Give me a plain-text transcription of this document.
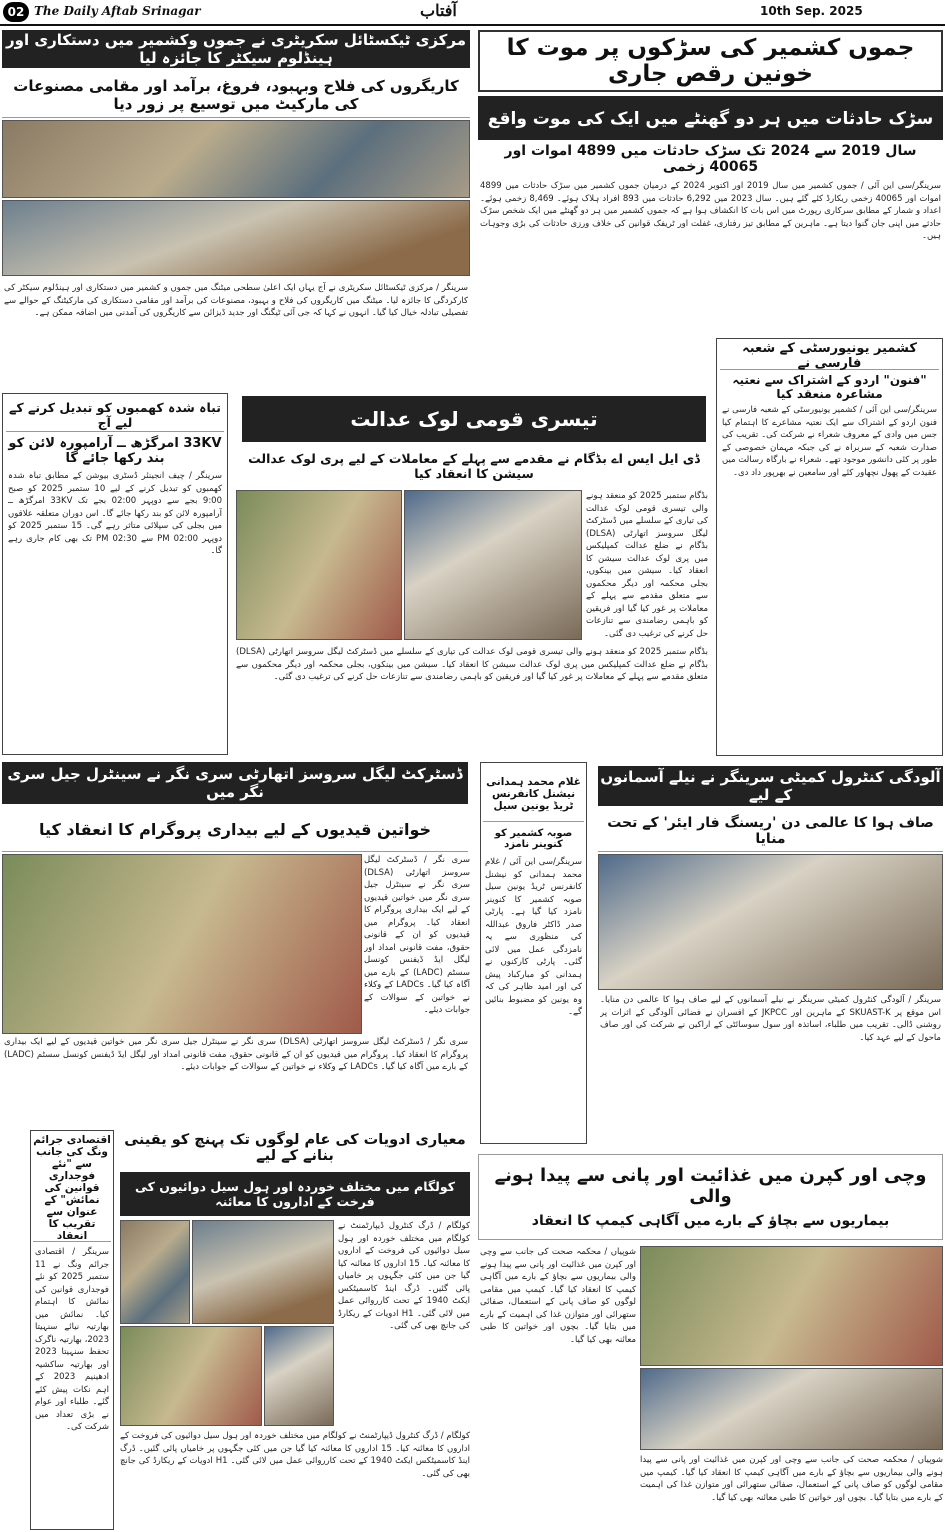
02 The Daily Aftab Srinagar	آفتاب	10th Sep. 2025
مرکزی ٹیکسٹائل سکریٹری نے جموں وکشمیر میں دستکاری اور ہینڈلوم سیکٹر کا جائزہ لیا
کاریگروں کی فلاح وبہبود، فروغ، برآمد اور مقامی مصنوعات کی مارکیٹ میں توسیع پر زور دیا
سرینگر / مرکزی ٹیکسٹائل سکریٹری نے آج یہاں ایک اعلیٰ سطحی میٹنگ میں جموں و کشمیر میں دستکاری اور ہینڈلوم سیکٹر کی کارکردگی کا جائزہ لیا۔ میٹنگ میں کاریگروں کی فلاح و بہبود، مصنوعات کی برآمد اور مقامی دستکاری کی مارکیٹنگ کے حوالے سے تفصیلی تبادلہ خیال کیا گیا۔ انہوں نے کہا کہ جی آئی ٹیگنگ اور جدید ڈیزائن سے کاریگروں کی آمدنی میں اضافہ ممکن ہے۔
جموں کشمیر کی سڑکوں پر موت کا خونین رقص جاری
سڑک حادثات میں ہر دو گھنٹے میں ایک کی موت واقع
سال 2019 سے 2024 تک سڑک حادثات میں 4899 اموات اور 40065 زخمی
سرینگر/سی این آئی / جموں کشمیر میں سال 2019 اور اکتوبر 2024 کے درمیان جموں کشمیر میں سڑک حادثات میں 4899 اموات اور 40065 زخمی ریکارڈ کئے گئے ہیں۔ سال 2023 میں 6,292 حادثات میں 893 افراد ہلاک ہوئے۔ 8,469 زخمی ہوئے۔ اعداد و شمار کے مطابق سرکاری رپورٹ میں اس بات کا انکشاف ہوا ہے کہ جموں کشمیر میں ہر دو گھنٹے میں ایک شخص سڑک حادثے میں اپنی جان گنوا دیتا ہے۔ ماہرین کے مطابق تیز رفتاری، غفلت اور ٹریفک قوانین کی خلاف ورزی حادثات کی بڑی وجوہات ہیں۔
تباہ شدہ کھمبوں کو تبدیل کرنے کے لیے آج
33KV امرگڑھ ــ آرامپورہ لائن کو بند رکھا جائے گا
سرینگر / چیف انجینئر ڈسٹری بیوشن کے مطابق تباہ شدہ کھمبوں کو تبدیل کرنے کے لیے 10 ستمبر 2025 کو صبح 9:00 بجے سے دوپہر 02:00 بجے تک 33KV امرگڑھ ــ آرامپورہ لائن کو بند رکھا جائے گا۔ اس دوران متعلقہ علاقوں میں بجلی کی سپلائی متاثر رہے گی۔ 15 ستمبر 2025 کو دوپہر 02:00 PM سے 02:30 PM تک بھی کام جاری رہے گا۔
تیسری قومی لوک عدالت
ڈی ایل ایس اے بڈگام نے مقدمے سے پہلے کے معاملات کے لیے پری لوک عدالت سیشن کا انعقاد کیا
بڈگام ستمبر 2025 کو منعقد ہونے والی تیسری قومی لوک عدالت کی تیاری کے سلسلے میں ڈسٹرکٹ لیگل سروسز اتھارٹی (DLSA) بڈگام نے ضلع عدالت کمپلیکس میں پری لوک عدالت سیشن کا انعقاد کیا۔ سیشن میں بینکوں، بجلی محکمہ اور دیگر محکموں سے متعلق مقدمے سے پہلے کے معاملات پر غور کیا گیا اور فریقین کو باہمی رضامندی سے تنازعات حل کرنے کی ترغیب دی گئی۔
بڈگام ستمبر 2025 کو منعقد ہونے والی تیسری قومی لوک عدالت کی تیاری کے سلسلے میں ڈسٹرکٹ لیگل سروسز اتھارٹی (DLSA) بڈگام نے ضلع عدالت کمپلیکس میں پری لوک عدالت سیشن کا انعقاد کیا۔ سیشن میں بینکوں، بجلی محکمہ اور دیگر محکموں سے متعلق مقدمے سے پہلے کے معاملات پر غور کیا گیا اور فریقین کو باہمی رضامندی سے تنازعات حل کرنے کی ترغیب دی گئی۔
کشمیر یونیورسٹی کے شعبہ فارسی نے
"فنون" اردو کے اشتراک سے نعتیہ مشاعرہ منعقد کیا
سرینگر/سی این آئی / کشمیر یونیورسٹی کے شعبہ فارسی نے فنون اردو کے اشتراک سے ایک نعتیہ مشاعرے کا اہتمام کیا جس میں وادی کے معروف شعراء نے شرکت کی۔ تقریب کی صدارت شعبہ کے سربراہ نے کی جبکہ مہمان خصوصی کے طور پر کئی دانشور موجود تھے۔ شعراء نے بارگاہ رسالت میں عقیدت کے پھول نچھاور کئے اور سامعین نے بھرپور داد دی۔
ڈسٹرکٹ لیگل سروسز اتھارٹی سری نگر نے سینٹرل جیل سری نگر میں
خواتین قیدیوں کے لیے بیداری پروگرام کا انعقاد کیا
سری نگر / ڈسٹرکٹ لیگل سروسز اتھارٹی (DLSA) سری نگر نے سینٹرل جیل سری نگر میں خواتین قیدیوں کے لیے ایک بیداری پروگرام کا انعقاد کیا۔ پروگرام میں قیدیوں کو ان کے قانونی حقوق، مفت قانونی امداد اور لیگل ایڈ ڈیفنس کونسل سسٹم (LADC) کے بارے میں آگاہ کیا گیا۔ LADCs کے وکلاء نے خواتین کے سوالات کے جوابات دیئے۔
سری نگر / ڈسٹرکٹ لیگل سروسز اتھارٹی (DLSA) سری نگر نے سینٹرل جیل سری نگر میں خواتین قیدیوں کے لیے ایک بیداری پروگرام کا انعقاد کیا۔ پروگرام میں قیدیوں کو ان کے قانونی حقوق، مفت قانونی امداد اور لیگل ایڈ ڈیفنس کونسل سسٹم (LADC) کے بارے میں آگاہ کیا گیا۔ LADCs کے وکلاء نے خواتین کے سوالات کے جوابات دیئے۔
غلام محمد ہمدانی نیشنل کانفرنس ٹریڈ یونین سیل
صوبہ کشمیر کو کنوینر نامزد
سرینگر/سی این آئی / غلام محمد ہمدانی کو نیشنل کانفرنس ٹریڈ یونین سیل صوبہ کشمیر کا کنوینر نامزد کیا گیا ہے۔ پارٹی صدر ڈاکٹر فاروق عبداللہ کی منظوری سے یہ نامزدگی عمل میں لائی گئی۔ پارٹی کارکنوں نے ہمدانی کو مبارکباد پیش کی اور امید ظاہر کی کہ وہ یونین کو مضبوط بنائیں گے۔
آلودگی کنٹرول کمیٹی سرینگر نے نیلے آسمانوں کے لیے
صاف ہوا کا عالمی دن 'ریسنگ فار ایئر' کے تحت منایا
سرینگر / آلودگی کنٹرول کمیٹی سرینگر نے نیلے آسمانوں کے لیے صاف ہوا کا عالمی دن منایا۔ اس موقع پر SKUAST-K کے ماہرین اور JKPCC کے افسران نے فضائی آلودگی کے اثرات پر روشنی ڈالی۔ تقریب میں طلباء، اساتذہ اور سول سوسائٹی کے اراکین نے شرکت کی اور صاف ماحول کے لیے عہد کیا۔
اقتصادی جرائم ونگ کی جانب سے "نئے فوجداری قوانین کی نمائش" کے عنوان سے تقریب کا انعقاد
سرینگر / اقتصادی جرائم ونگ نے 11 ستمبر 2025 کو نئے فوجداری قوانین کی نمائش کا اہتمام کیا۔ نمائش میں بھارتیہ نیائے سنہیتا 2023، بھارتیہ ناگرک تحفظ سنہیتا 2023 اور بھارتیہ ساکشیہ ادھینیم 2023 کے اہم نکات پیش کئے گئے۔ طلباء اور عوام نے بڑی تعداد میں شرکت کی۔
معیاری ادویات کی عام لوگوں تک پہنچ کو یقینی بنانے کے لیے
کولگام میں مختلف خوردہ اور ہول سیل دوائیوں کی فرخت کے اداروں کا معائنہ
کولگام / ڈرگ کنٹرول ڈیپارٹمنٹ نے کولگام میں مختلف خوردہ اور ہول سیل دوائیوں کی فروخت کے اداروں کا معائنہ کیا۔ 15 اداروں کا معائنہ کیا گیا جن میں کئی جگہوں پر خامیاں پائی گئیں۔ ڈرگ اینڈ کاسمیٹکس ایکٹ 1940 کے تحت کارروائی عمل میں لائی گئی۔ H1 ادویات کے ریکارڈ کی جانچ بھی کی گئی۔
کولگام / ڈرگ کنٹرول ڈیپارٹمنٹ نے کولگام میں مختلف خوردہ اور ہول سیل دوائیوں کی فروخت کے اداروں کا معائنہ کیا۔ 15 اداروں کا معائنہ کیا گیا جن میں کئی جگہوں پر خامیاں پائی گئیں۔ ڈرگ اینڈ کاسمیٹکس ایکٹ 1940 کے تحت کارروائی عمل میں لائی گئی۔ H1 ادویات کے ریکارڈ کی جانچ بھی کی گئی۔
وچی اور کپرن میں غذائیت اور پانی سے پیدا ہونے والی
بیماریوں سے بچاؤ کے بارے میں آگاہی کیمپ کا انعقاد
شوپیاں / محکمہ صحت کی جانب سے وچی اور کپرن میں غذائیت اور پانی سے پیدا ہونے والی بیماریوں سے بچاؤ کے بارے میں آگاہی کیمپ کا انعقاد کیا گیا۔ کیمپ میں مقامی لوگوں کو صاف پانی کے استعمال، صفائی ستھرائی اور متوازن غذا کی اہمیت کے بارے میں بتایا گیا۔ بچوں اور خواتین کا طبی معائنہ بھی کیا گیا۔
شوپیاں / محکمہ صحت کی جانب سے وچی اور کپرن میں غذائیت اور پانی سے پیدا ہونے والی بیماریوں سے بچاؤ کے بارے میں آگاہی کیمپ کا انعقاد کیا گیا۔ کیمپ میں مقامی لوگوں کو صاف پانی کے استعمال، صفائی ستھرائی اور متوازن غذا کی اہمیت کے بارے میں بتایا گیا۔ بچوں اور خواتین کا طبی معائنہ بھی کیا گیا۔
